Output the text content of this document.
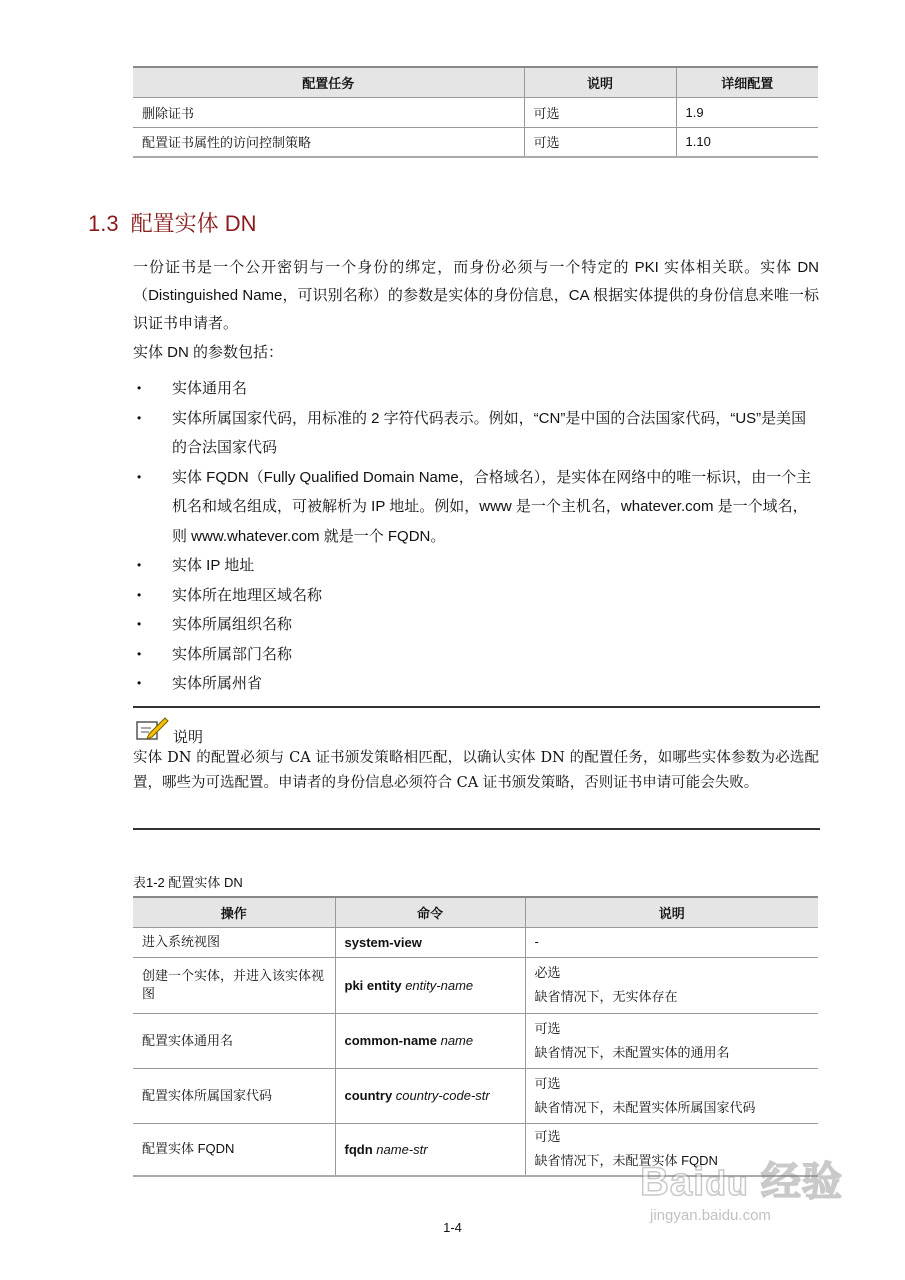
配置任务	说明	详细配置
删除证书	可选	1.9
配置证书属性的访问控制策略	可选	1.10
1.3 配置实体 DN
一份证书是一个公开密钥与一个身份的绑定，而身份必须与一个特定的 PKI 实体相关联。实体 DN（Distinguished Name，可识别名称）的参数是实体的身份信息，CA 根据实体提供的身份信息来唯一标识证书申请者。
实体 DN 的参数包括：
• 实体通用名
• 实体所属国家代码，用标准的 2 字符代码表示。例如，“CN”是中国的合法国家代码，“US”是美国的合法国家代码
• 实体 FQDN（Fully Qualified Domain Name，合格域名），是实体在网络中的唯一标识，由一个主机名和域名组成，可被解析为 IP 地址。例如，www 是一个主机名，whatever.com 是一个域名，则 www.whatever.com 就是一个 FQDN。
• 实体 IP 地址
• 实体所在地理区域名称
• 实体所属组织名称
• 实体所属部门名称
• 实体所属州省
说明
实体 DN 的配置必须与 CA 证书颁发策略相匹配，以确认实体 DN 的配置任务，如哪些实体参数为必选配置，哪些为可选配置。申请者的身份信息必须符合 CA 证书颁发策略，否则证书申请可能会失败。
表1-2 配置实体 DN
操作	命令	说明
进入系统视图	system-view	-

创建一个实体，并进入该实体视图	pki entity entity-name	必选
缺省情况下，无实体存在

配置实体通用名	common-name name	可选
缺省情况下，未配置实体的通用名

配置实体所属国家代码	country country-code-str	可选
缺省情况下，未配置实体所属国家代码

配置实体 FQDN	fqdn name-str	可选
缺省情况下，未配置实体 FQDN
1-4
Baidu 经验
jingyan.baidu.com
